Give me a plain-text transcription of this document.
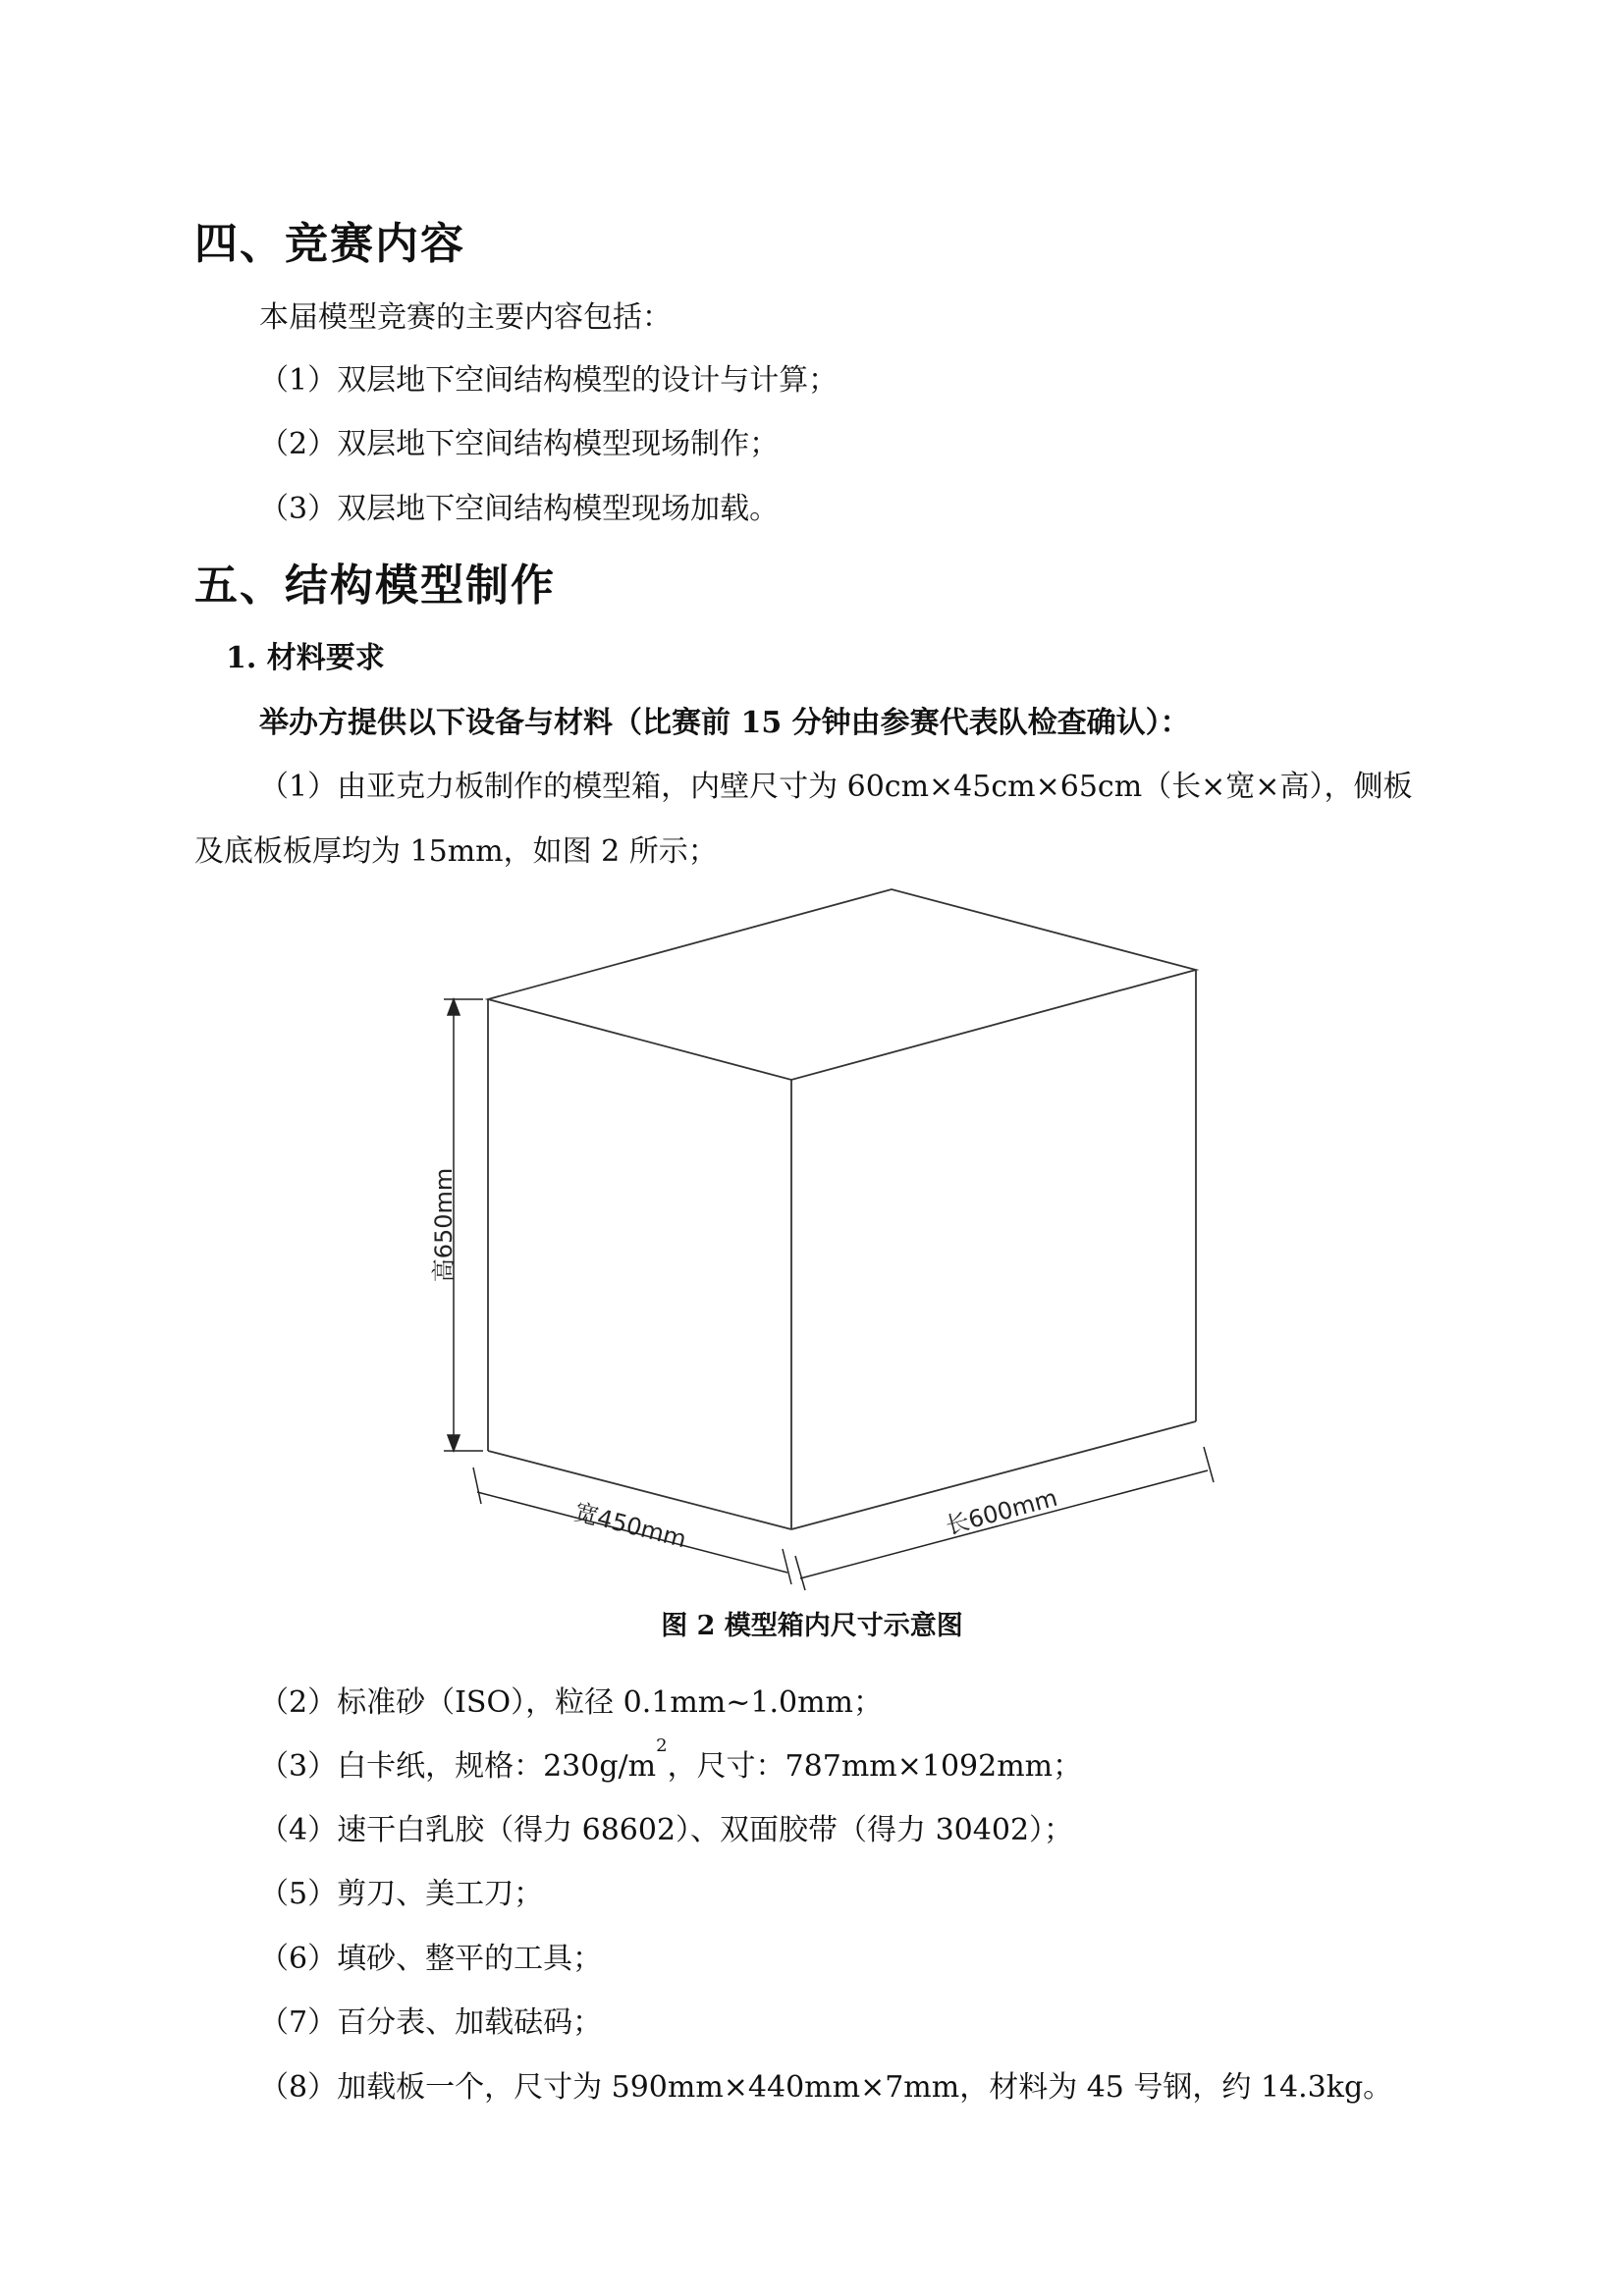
四、竞赛内容
本届模型竞赛的主要内容包括：
（1）双层地下空间结构模型的设计与计算；
（2）双层地下空间结构模型现场制作；
（3）双层地下空间结构模型现场加载。
五、结构模型制作
1. 材料要求
举办方提供以下设备与材料（比赛前 15 分钟由参赛代表队检查确认）：
（1）由亚克力板制作的模型箱，内壁尺寸为 60cm×45cm×65cm（长×宽×高），侧板
及底板板厚均为 15mm，如图 2 所示；
高650mm
宽450mm	长600mm
图 2 模型箱内尺寸示意图
（2）标准砂（ISO），粒径 0.1mm~1.0mm；
（3）白卡纸，规格：$230g/m^2$，尺寸：787mm×1092mm；
（4）速干白乳胶（得力 68602）、双面胶带（得力 30402）；
（5）剪刀、美工刀；
（6）填砂、整平的工具；
（7）百分表、加载砝码；
（8）加载板一个，尺寸为 590mm×440mm×7mm，材料为 45 号钢，约 14.3kg。
